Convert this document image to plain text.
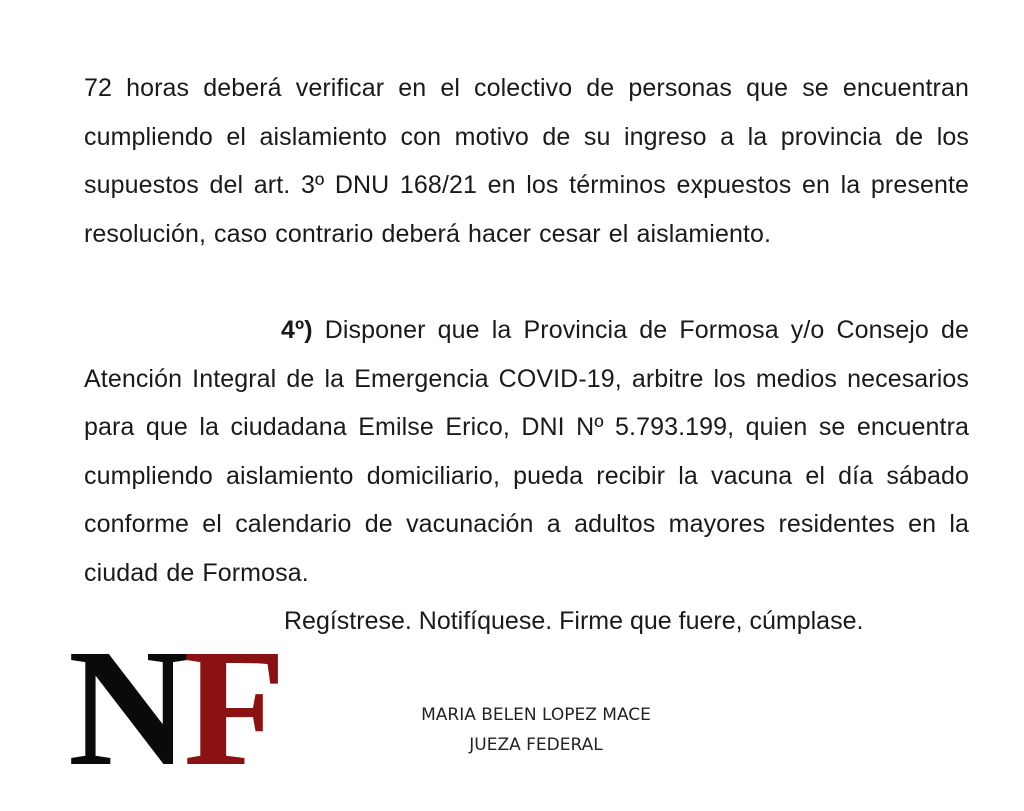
72 horas deberá verificar en el colectivo de personas que se encuentran cumpliendo el aislamiento con motivo de su ingreso a la provincia de los supuestos del art. 3º DNU 168/21 en los términos expuestos en la presente resolución, caso contrario deberá hacer cesar el aislamiento.

4º) Disponer que la Provincia de Formosa y/o Consejo de Atención Integral de la Emergencia COVID-19, arbitre los medios necesarios para que la ciudadana Emilse Erico, DNI Nº 5.793.199, quien se encuentra cumpliendo aislamiento domiciliario, pueda recibir la vacuna el día sábado conforme el calendario de vacunación a adultos mayores residentes en la ciudad de Formosa.

Regístrese. Notifíquese. Firme que fuere, cúmplase.

NF	MARIA BELEN LOPEZ MACE
JUEZA FEDERAL
